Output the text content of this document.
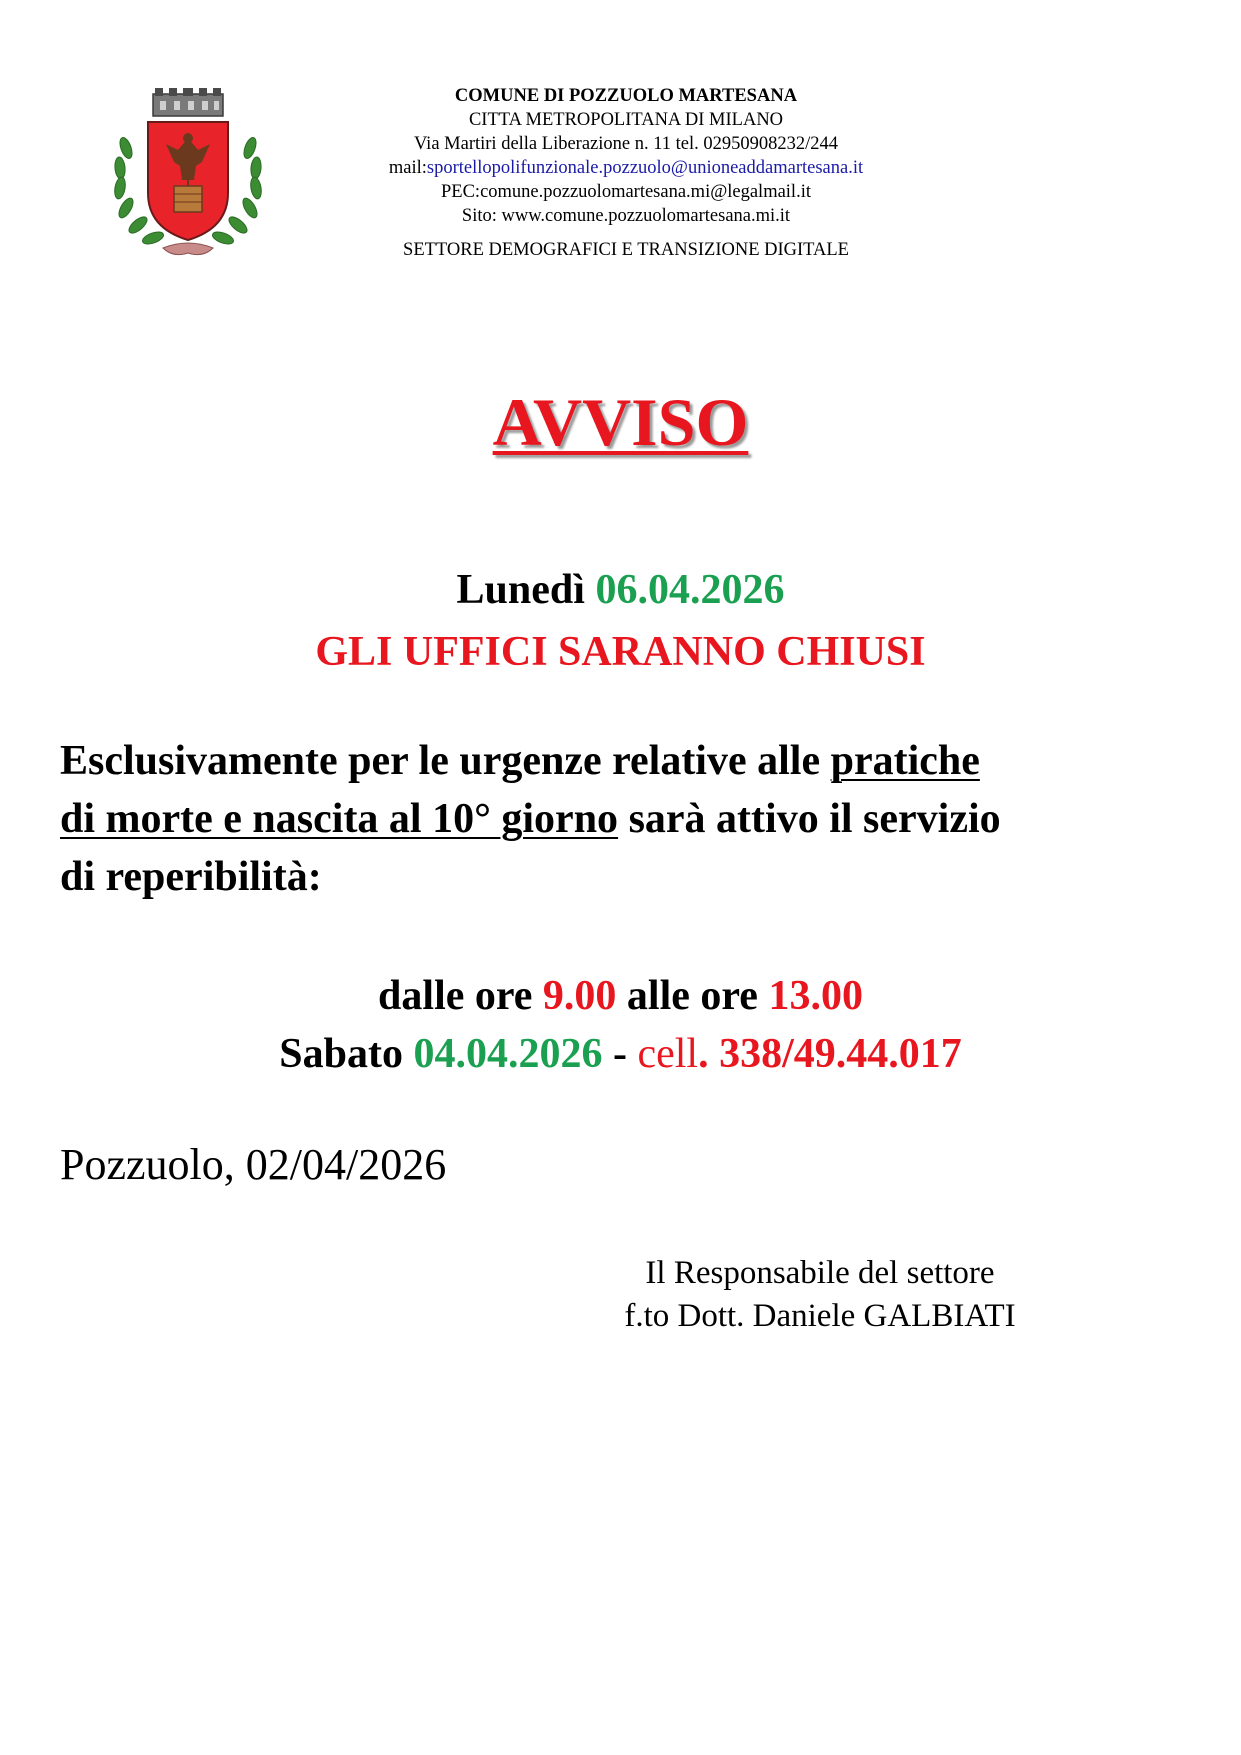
COMUNE DI POZZUOLO MARTESANA
CITTA METROPOLITANA DI MILANO
Via Martiri della Liberazione n. 11 tel. 02950908232/244
mail:sportellopolifunzionale.pozzuolo@unioneaddamartesana.it
PEC:comune.pozzuolomartesana.mi@legalmail.it
Sito: www.comune.pozzuolomartesana.mi.it
SETTORE DEMOGRAFICI E TRANSIZIONE DIGITALE
AVVISO
Lunedì 06.04.2026
GLI UFFICI SARANNO CHIUSI
Esclusivamente per le urgenze relative alle pratiche
di morte e nascita al 10° giorno sarà attivo il servizio
di reperibilità:
dalle ore 9.00 alle ore 13.00
Sabato 04.04.2026 - cell. 338/49.44.017
Pozzuolo, 02/04/2026
Il Responsabile del settore
f.to Dott. Daniele GALBIATI
